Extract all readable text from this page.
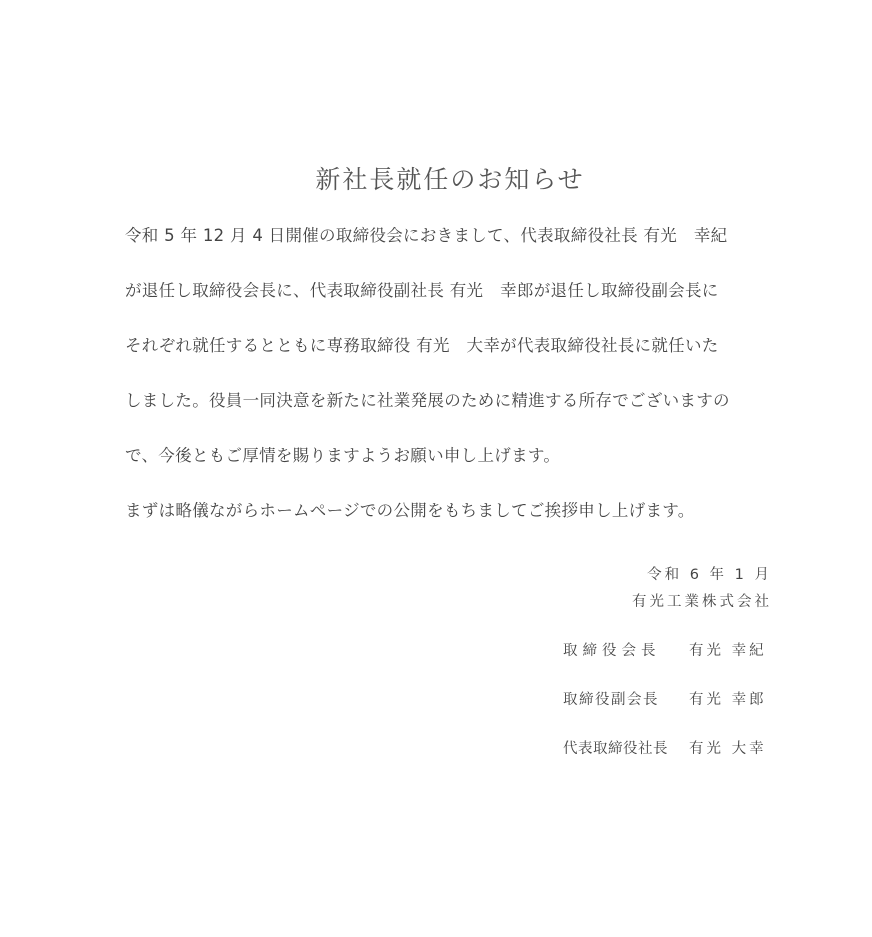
新社長就任のお知らせ
令和 5 年 12 月 4 日開催の取締役会におきまして、代表取締役社長 有光　幸紀
が退任し取締役会長に、代表取締役副社長 有光　幸郎が退任し取締役副会長に
それぞれ就任するとともに専務取締役 有光　大幸が代表取締役社長に就任いた
しました。役員一同決意を新たに社業発展のために精進する所存でございますの
で、今後ともご厚情を賜りますようお願い申し上げます。
まずは略儀ながらホームページでの公開をもちましてご挨拶申し上げます。
令和 6 年 1 月
有光工業株式会社
取締役会長 有光 幸紀
取締役副会長 有光 幸郎
代表取締役社長 有光 大幸
